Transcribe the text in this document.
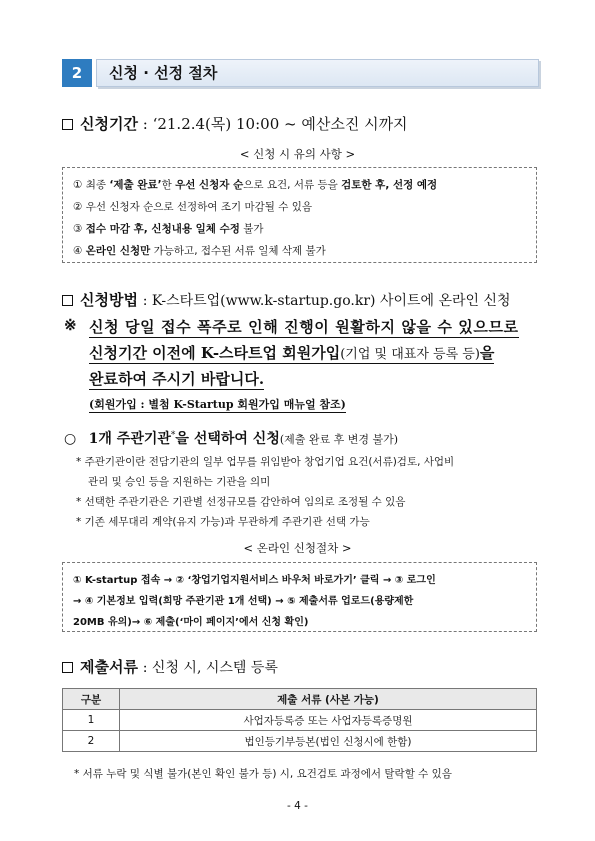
2	신청 · 선정 절차
신청기간 : ‘21.2.4(목) 10:00 ~ 예산소진 시까지
< 신청 시 유의 사항 >
① 최종 ‘제출 완료’한 우선 신청자 순으로 요건, 서류 등을 검토한 후, 선정 예정
② 우선 신청자 순으로 선정하여 조기 마감될 수 있음
③ 접수 마감 후, 신청내용 일체 수정 불가
④ 온라인 신청만 가능하고, 접수된 서류 일체 삭제 불가
신청방법 : K-스타트업(www.k-startup.go.kr) 사이트에 온라인 신청
※ 신청 당일 접수 폭주로 인해 진행이 원활하지 않을 수 있으므로
신청기간 이전에 K-스타트업 회원가입(기업 및 대표자 등록 등)을
완료하여 주시기 바랍니다.
(회원가입 : 별첨 K-Startup 회원가입 매뉴얼 참조)
○ 1개 주관기관*을 선택하여 신청(제출 완료 후 변경 불가)
* 주관기관이란 전담기관의 일부 업무를 위임받아 창업기업 요건(서류)검토, 사업비
관리 및 승인 등을 지원하는 기관을 의미
* 선택한 주관기관은 기관별 선정규모를 감안하여 임의로 조정될 수 있음
* 기존 세무대리 계약(유지 가능)과 무관하게 주관기관 선택 가능
< 온라인 신청절차 >
① K-startup 접속 → ② ‘창업기업지원서비스 바우처 바로가기’ 클릭 → ③ 로그인
→ ④ 기본정보 입력(희망 주관기관 1개 선택) → ⑤ 제출서류 업로드(용량제한
20MB 유의)→ ⑥ 제출(‘마이 페이지’에서 신청 확인)
제출서류 : 신청 시, 시스템 등록
구분	제출 서류 (사본 가능)
1	사업자등록증 또는 사업자등록증명원
2	법인등기부등본(법인 신청시에 한함)
* 서류 누락 및 식별 불가(본인 확인 불가 등) 시, 요건검토 과정에서 탈락할 수 있음
- 4 -
